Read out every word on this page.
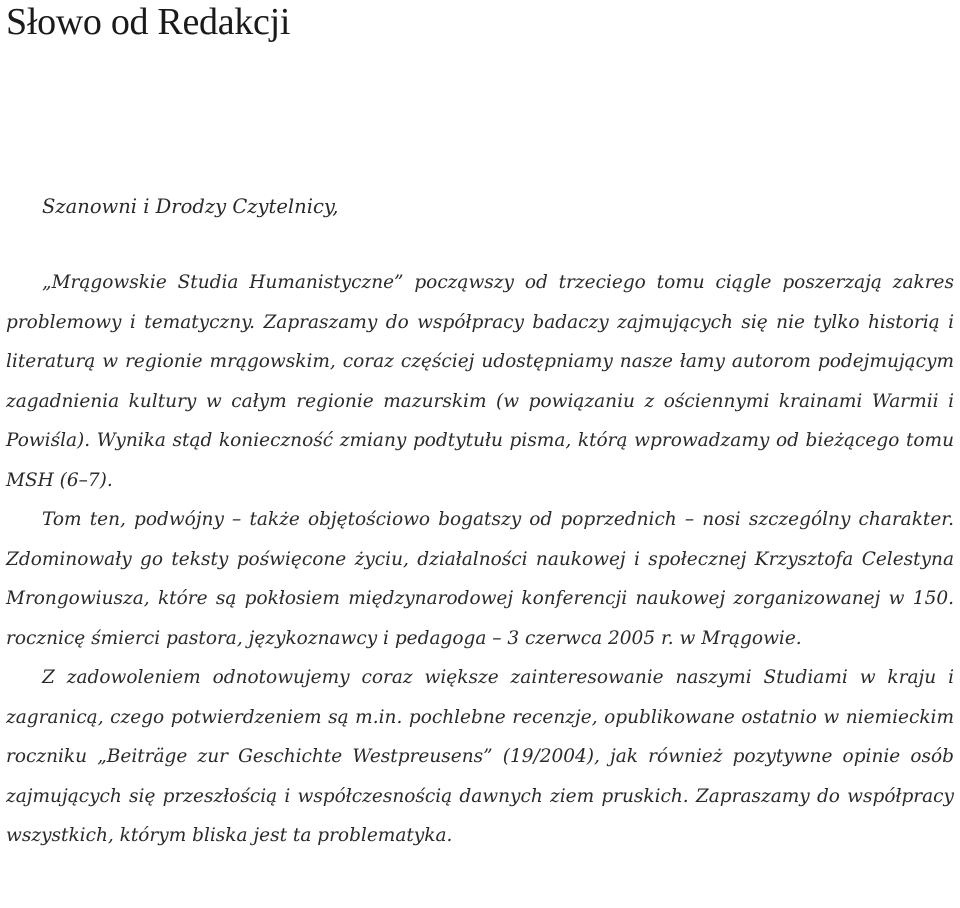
Słowo od Redakcji

Szanowni i Drodzy Czytelnicy,

„Mrągowskie Studia Humanistyczne” począwszy od trzeciego tomu ciągle poszerzają zakres problemowy i tematyczny. Zapraszamy do współpracy badaczy zajmujących się nie tylko historią i literaturą w regionie mrągowskim, coraz częściej udostępniamy nasze łamy autorom podejmującym zagadnienia kultury w całym regionie mazurskim (w powiązaniu z ościennymi krainami Warmii i Powiśla). Wynika stąd konieczność zmiany podtytułu pisma, którą wprowadzamy od bieżącego tomu MSH (6–7).

Tom ten, podwójny – także objętościowo bogatszy od poprzednich – nosi szczególny charakter. Zdominowały go teksty poświęcone życiu, działalności naukowej i społecznej Krzysztofa Celestyna Mrongowiusza, które są pokłosiem międzynarodowej konferencji naukowej zorganizowanej w 150. rocznicę śmierci pastora, językoznawcy i pedagoga – 3 czerwca 2005 r. w Mrągowie.

Z zadowoleniem odnotowujemy coraz większe zainteresowanie naszymi Studiami w kraju i zagranicą, czego potwierdzeniem są m.in. pochlebne recenzje, opublikowane ostatnio w niemieckim roczniku „Beiträge zur Geschichte Westpreusens” (19/2004), jak również pozytywne opinie osób zajmujących się przeszłością i współczesnością dawnych ziem pruskich. Zapraszamy do współpracy wszystkich, którym bliska jest ta problematyka.
